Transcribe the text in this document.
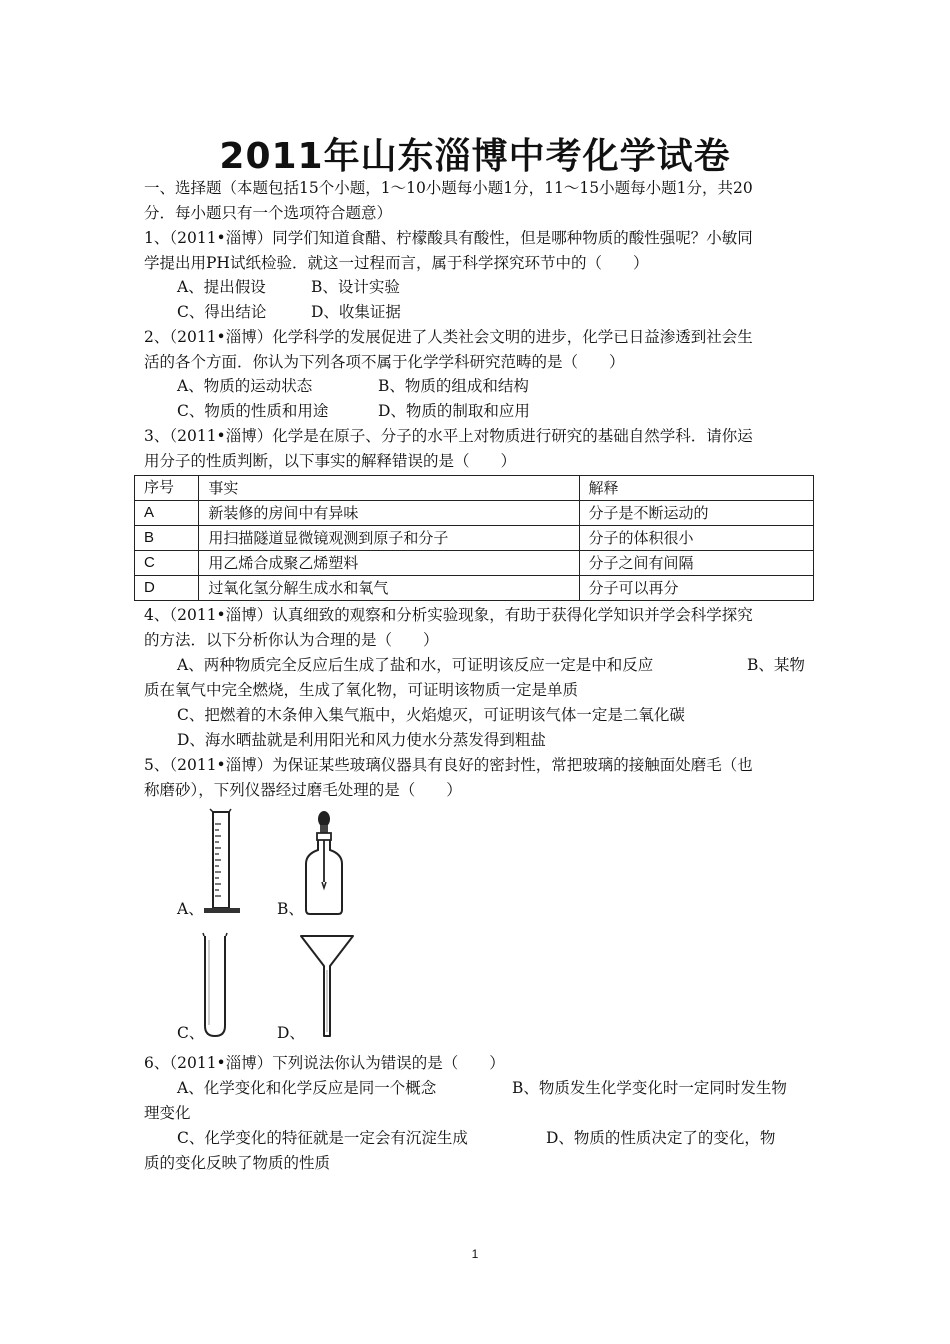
2011年山东淄博中考化学试卷
一、选择题（本题包括15个小题，1～10小题每小题1分，11～15小题每小题1分，共20
分．每小题只有一个选项符合题意）
1、（2011•淄博）同学们知道食醋、柠檬酸具有酸性，但是哪种物质的酸性强呢？小敏同
学提出用PH试纸检验．就这一过程而言，属于科学探究环节中的（　　）
A、提出假设	B、设计实验
C、得出结论	D、收集证据
2、（2011•淄博）化学科学的发展促进了人类社会文明的进步，化学已日益渗透到社会生
活的各个方面．你认为下列各项不属于化学学科研究范畴的是（　　）
A、物质的运动状态	B、物质的组成和结构
C、物质的性质和用途	D、物质的制取和应用
3、（2011•淄博）化学是在原子、分子的水平上对物质进行研究的基础自然学科．请你运
用分子的性质判断，以下事实的解释错误的是（　　）
序号	事实	解释
A	新装修的房间中有异味	分子是不断运动的
B	用扫描隧道显微镜观测到原子和分子	分子的体积很小
C	用乙烯合成聚乙烯塑料	分子之间有间隔
D	过氧化氢分解生成水和氧气	分子可以再分
4、（2011•淄博）认真细致的观察和分析实验现象，有助于获得化学知识并学会科学探究
的方法．以下分析你认为合理的是（　　）
A、两种物质完全反应后生成了盐和水，可证明该反应一定是中和反应	B、某物
质在氧气中完全燃烧，生成了氧化物，可证明该物质一定是单质
C、把燃着的木条伸入集气瓶中，火焰熄灭，可证明该气体一定是二氧化碳
D、海水晒盐就是利用阳光和风力使水分蒸发得到粗盐
5、（2011•淄博）为保证某些玻璃仪器具有良好的密封性，常把玻璃的接触面处磨毛（也
称磨砂），下列仪器经过磨毛处理的是（　　）
A、	B、
C、	D、
6、（2011•淄博）下列说法你认为错误的是（　　）
A、化学变化和化学反应是同一个概念	B、物质发生化学变化时一定同时发生物
理变化
C、化学变化的特征就是一定会有沉淀生成	D、物质的性质决定了的变化，物
质的变化反映了物质的性质
1
